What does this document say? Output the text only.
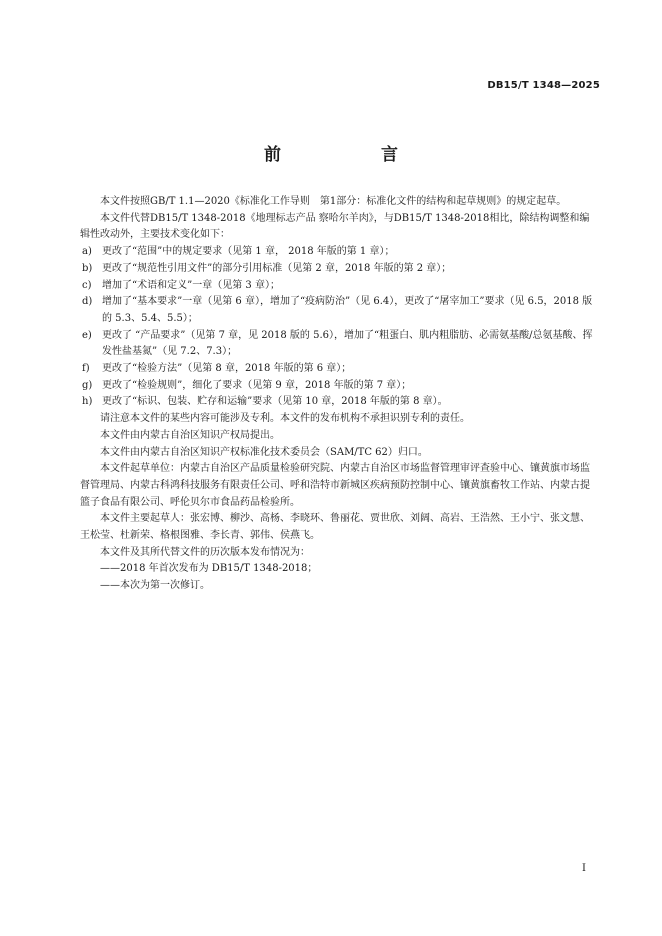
DB15/T 1348—2025
前　　言

本文件按照GB/T 1.1—2020《标准化工作导则　第1部分：标准化文件的结构和起草规则》的规定起草。

本文件代替DB15/T 1348-2018《地理标志产品 察哈尔羊肉》，与DB15/T 1348-2018相比，除结构调整和编辑性改动外，主要技术变化如下：

a)	更改了“范围”中的规定要求（见第 1 章， 2018 年版的第 1 章）；
b) 更改了“规范性引用文件”的部分引用标准（见第 2 章，2018 年版的第 2 章）；
c)	增加了“术语和定义”一章（见第 3 章）；
d) 增加了“基本要求”一章（见第 6 章），增加了“疫病防治”（见 6.4），更改了“屠宰加工”要求（见 6.5，2018 版的 5.3、5.4、5.5）；
e)	更改了 “产品要求”（见第 7 章，见 2018 版的 5.6），增加了“粗蛋白、肌内粗脂肪、必需氨基酸/总氨基酸、挥发性盐基氮”（见 7.2、7.3）；
f)	更改了“检验方法”（见第 8 章，2018 年版的第 6 章）；
g) 更改了“检验规则”，细化了要求（见第 9 章，2018 年版的第 7 章）；
h) 更改了“标识、包装、贮存和运输”要求（见第 10 章，2018 年版的第 8 章）。

请注意本文件的某些内容可能涉及专利。本文件的发布机构不承担识别专利的责任。

本文件由内蒙古自治区知识产权局提出。

本文件由内蒙古自治区知识产权标准化技术委员会（SAM/TC 62）归口。

本文件起草单位：内蒙古自治区产品质量检验研究院、内蒙古自治区市场监督管理审评查验中心、镶黄旗市场监督管理局、内蒙古科鸿科技服务有限责任公司、呼和浩特市新城区疾病预防控制中心、镶黄旗畜牧工作站、内蒙古提篮子食品有限公司、呼伦贝尔市食品药品检验所。

本文件主要起草人：张宏博、柳沙、高杨、李晓环、鲁丽花、贾世欣、刘阔、高岩、王浩然、王小宁、张文慧、王松莹、杜新荣、格根图雅、李长青、郭伟、侯燕飞。

本文件及其所代替文件的历次版本发布情况为：

——2018 年首次发布为 DB15/T 1348-2018；

——本次为第一次修订。

I
